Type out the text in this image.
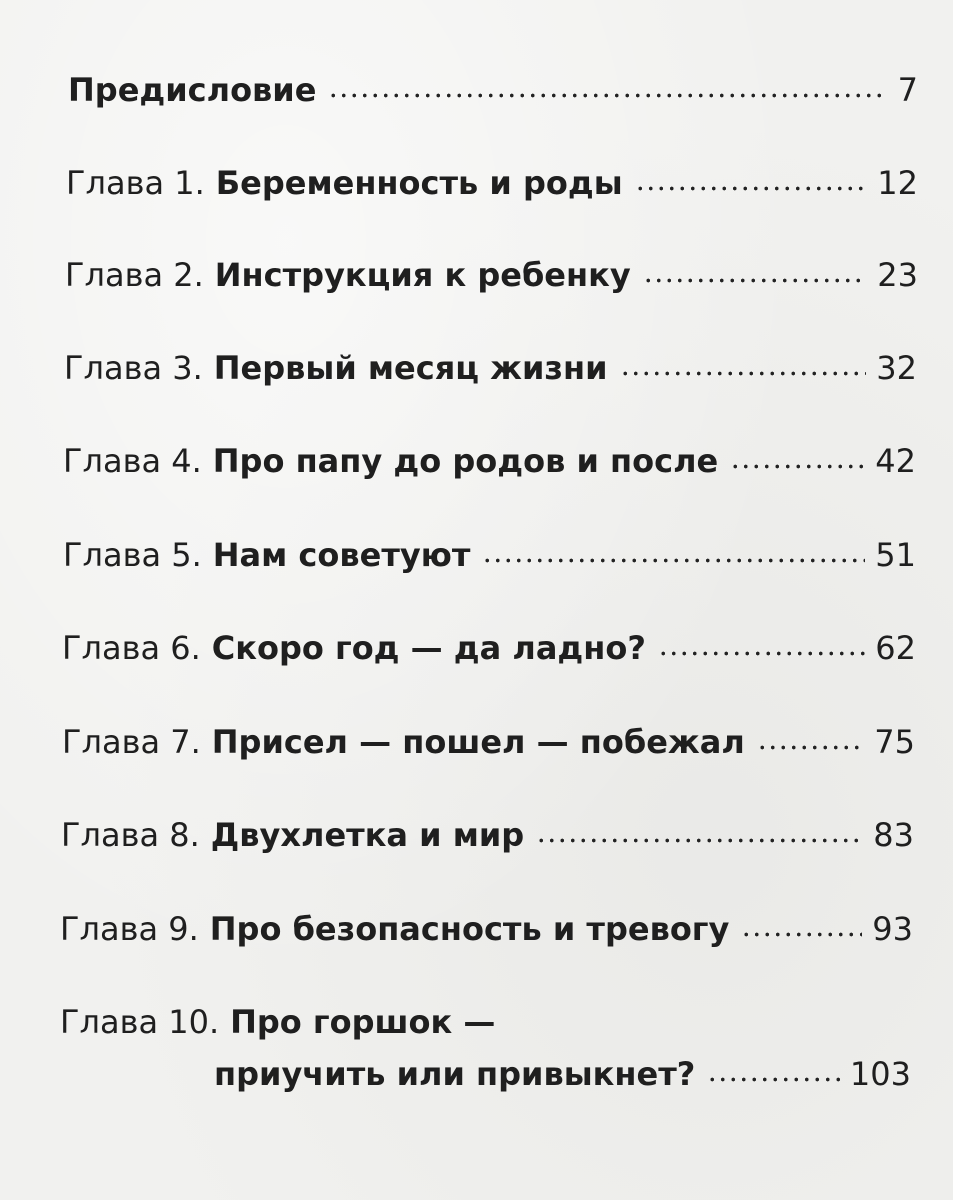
Предисловие	7
Глава 1. Беременность и роды	12
Глава 2. Инструкция к ребенку	23
Глава 3. Первый месяц жизни	32
Глава 4. Про папу до родов и после	42
Глава 5. Нам советуют	51
Глава 6. Скоро год — да ладно?	62
Глава 7. Присел — пошел — побежал	75
Глава 8. Двухлетка и мир	83
Глава 9. Про безопасность и тревогу	93
Глава 10. Про горшок —
приучить или привыкнет?	103
